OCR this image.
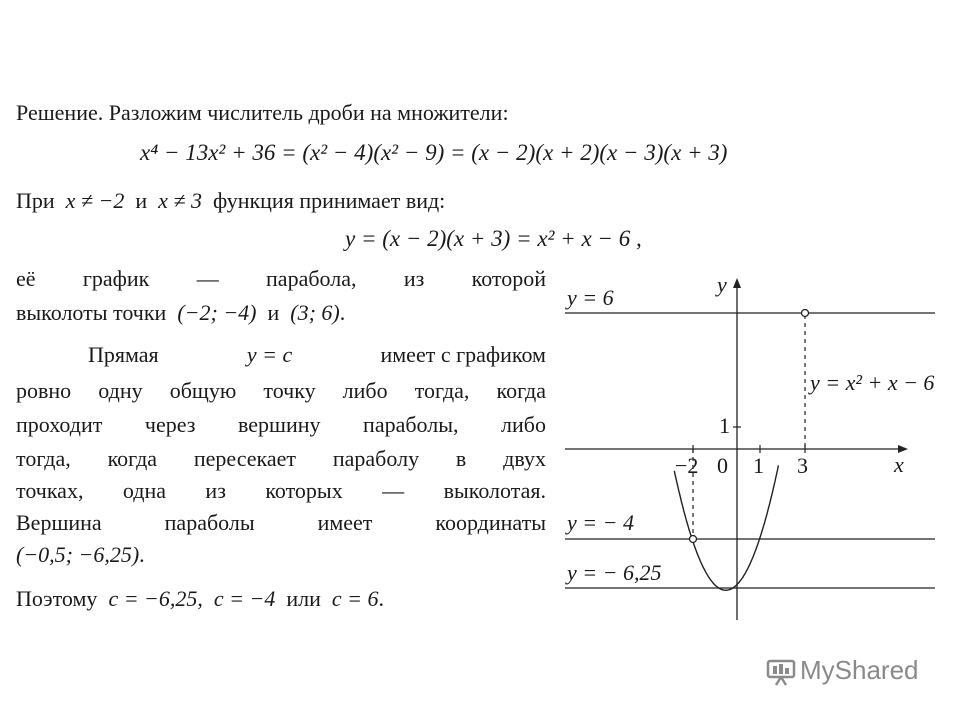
Решение. Разложим числитель дроби на множители:
x⁴ − 13x² + 36 = (x² − 4)(x² − 9) = (x − 2)(x + 2)(x − 3)(x + 3)
При x ≠ −2 и x ≠ 3 функция принимает вид:
y = (x − 2)(x + 3) = x² + x − 6 ,
её график — парабола, из которой
выколоты точки (−2; −4) и (3; 6).
Прямая	y = c	имеет с графиком
ровно одну общую точку либо тогда, когда
проходит через вершину параболы, либо
тогда, когда пересекает параболу в двух
точках, одна из которых — выколотая.
Вершина параболы имеет координаты
(−0,5; −6,25).
Поэтому c = −6,25, c = −4 или c = 6.
y
x
−2 0 1 3
1
y = 6
y = − 4
y = − 6,25
y = x² + x − 6
MyShared
